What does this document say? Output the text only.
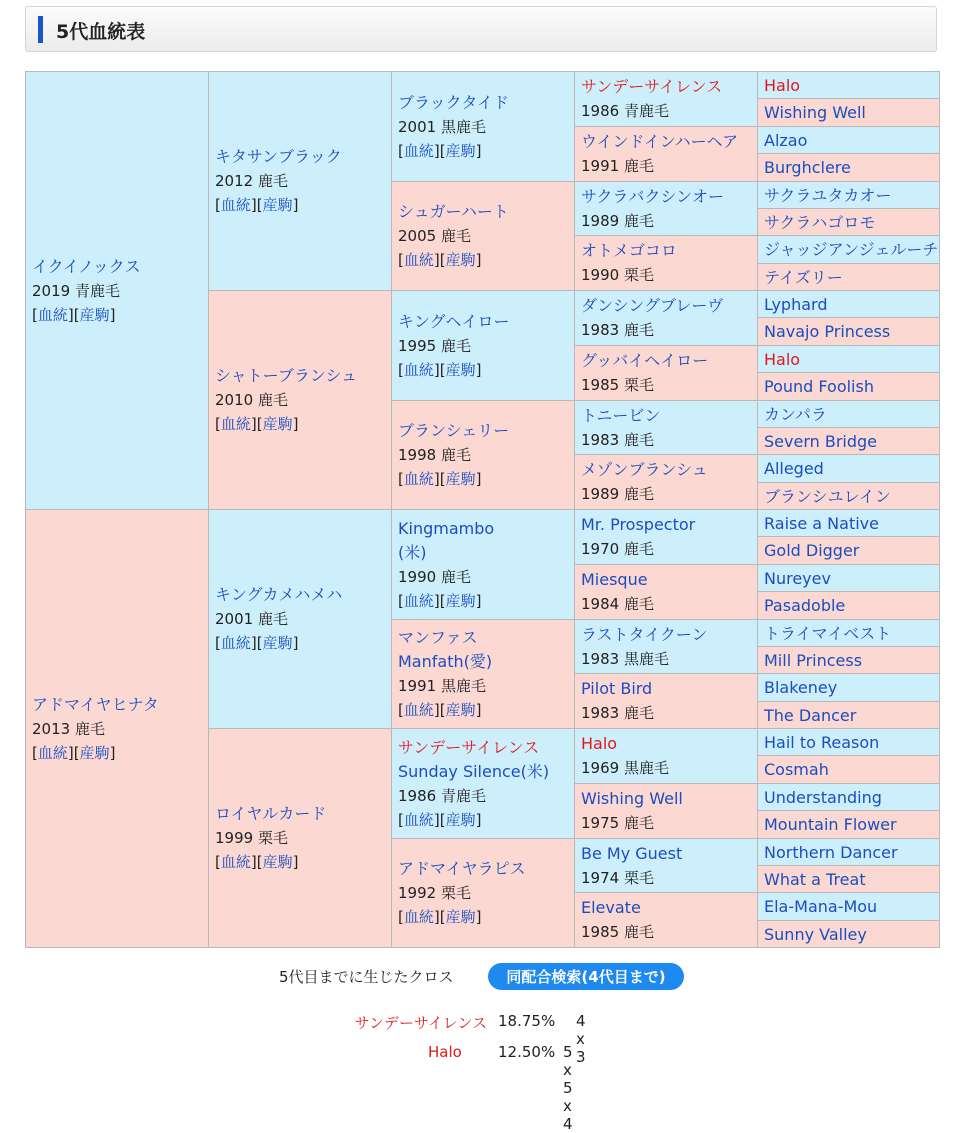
5代血統表
イクイノックス
2019 青鹿毛
[血統][産駒]
アドマイヤヒナタ
2013 鹿毛
[血統][産駒]
キタサンブラック
2012 鹿毛
[血統][産駒]
シャトーブランシュ
2010 鹿毛
[血統][産駒]
キングカメハメハ
2001 鹿毛
[血統][産駒]
ロイヤルカード
1999 栗毛
[血統][産駒]
ブラックタイド
2001 黒鹿毛
[血統][産駒]
シュガーハート
2005 鹿毛
[血統][産駒]
キングヘイロー
1995 鹿毛
[血統][産駒]
ブランシェリー
1998 鹿毛
[血統][産駒]
Kingmambo
(米)
1990 鹿毛
[血統][産駒]
マンファス
Manfath(愛)
1991 黒鹿毛
[血統][産駒]
サンデーサイレンス
Sunday Silence(米)
1986 青鹿毛
[血統][産駒]
アドマイヤラピス
1992 栗毛
[血統][産駒]
サンデーサイレンス
1986 青鹿毛
ウインドインハーヘア
1991 鹿毛
サクラバクシンオー
1989 鹿毛
オトメゴコロ
1990 栗毛
ダンシングブレーヴ
1983 鹿毛
グッバイヘイロー
1985 栗毛
トニービン
1983 鹿毛
メゾンブランシュ
1989 鹿毛
Mr. Prospector
1970 鹿毛
Miesque
1984 鹿毛
ラストタイクーン
1983 黒鹿毛
Pilot Bird
1983 鹿毛
Halo
1969 黒鹿毛
Wishing Well
1975 鹿毛
Be My Guest
1974 栗毛
Elevate
1985 鹿毛
Halo
Wishing Well
Alzao
Burghclere
サクラユタカオー
サクラハゴロモ
ジャッジアンジェルーチ
テイズリー
Lyphard
Navajo Princess
Halo
Pound Foolish
カンパラ
Severn Bridge
Alleged
ブランシユレイン
Raise a Native
Gold Digger
Nureyev
Pasadoble
トライマイベスト
Mill Princess
Blakeney
The Dancer
Hail to Reason
Cosmah
Understanding
Mountain Flower
Northern Dancer
What a Treat
Ela-Mana-Mou
Sunny Valley
5代目までに生じたクロス	同配合検索(4代目まで)
サンデーサイレンス 18.75% 4 x 3
Halo	12.50% 5 x 5 x 4
